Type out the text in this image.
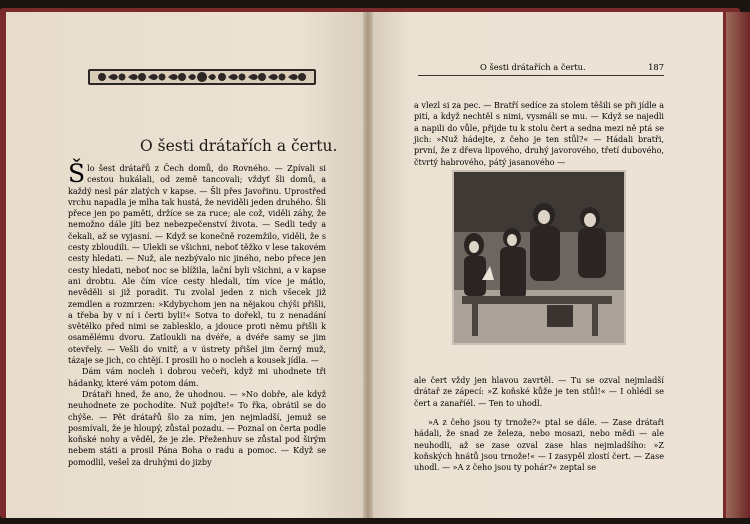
O šesti drátařích a čertu.

Šlo šest drátařů z Čech domů, do Rovného. — Zpívali si cestou hukálali, od země tancovali; vždyť šli domů, a každý nesl pár zlatých v kapse. — Šli přes Javořinu. Uprostřed vrchu napadla je mlha tak hustá, že neviděli jeden druhého. Šli přece jen po paměti, držíce se za ruce; ale což, viděli záhy, že nemožno dále jíti bez nebezpečenství života. — Sedli tedy a čekali, až se vyjasní. — Když se konečně rozemžilo, viděli, že s cesty zbloudili. — Ulekli se všichni, neboť těžko v lese takovém cesty hledati. — Nuž, ale nezbývalo nic jiného, nebo přece jen cesty hledati, neboť noc se blížila, lační byli všichni, a v kapse ani drobtu. Ale čím více cesty hledali, tím více je mátlo, nevěděli si již poradit. Tu zvolal jeden z nich všecek již zemdlen a rozmrzen: »Kdybychom jen na nějakou chýši přišli, a třeba by v ní i čerti byli!« Sotva to dořekl, tu z nenadání světélko před nimi se zablesklo, a jdouce proti němu přišli k osamělému dvoru. Zatloukli na dvéře, a dvéře samy se jim otevřely. — Vešli do vnitř, a v ústrety přišel jim černý muž, tázaje se jich, co chtějí. I prosili ho o nocleh a kousek jídla. —

Dám vám nocleh i dobrou večeři, když mi uhodnete tři hádanky, které vám potom dám.

Drátaři hned, že ano, že uhodnou. — »No dobře, ale když neuhodnete ze pochodíte. Nuž pojďte!« To řka, obrátil se do chýše. — Pět drátařů šlo za ním, jen nejmladší, jemuž se posmívali, že je hloupý, zůstal pozadu. — Poznal on čerta podle koňské nohy a věděl, že je zle. Přeženhuv se zůstal pod širým nebem státi a prosil Pána Boha o radu a pomoc. — Když se pomodlil, vešel za druhými do jizby

O šesti drátařích a čertu.	187

a vlezl si za pec. — Bratří sedíce za stolem těšili se při jídle a pití, a když nechtěl s nimi, vysmáli se mu. — Když se najedli a napili do vůle, přijde tu k stolu čert a sedna mezi ně ptá se jich: »Nuž hádejte, z čeho je ten stůl?« — Hádali bratři, první, že z dřeva lipového, druhý javorového, třetí dubového, čtvrtý habrového, pátý jasanového —

ale čert vždy jen hlavou zavrtěl. — Tu se ozval nejmladší drátař ze zápecí: »Z koňské kůže je ten stůl!« — I ohlédl se čert a zanaříél. — Ten to uhodl.

»A z čeho jsou ty trnože?« ptal se dále. — Zase drátaři hádali, že snad ze železa, nebo mosazi, nebo mědi — ale neuhodli, až se zase ozval zase hlas nejmladšího: »Z koňských hnátů jsou trnože!« — I zasypěl zlostí čert. — Zase uhodl. — »A z čeho jsou ty pohár?« zeptal se
